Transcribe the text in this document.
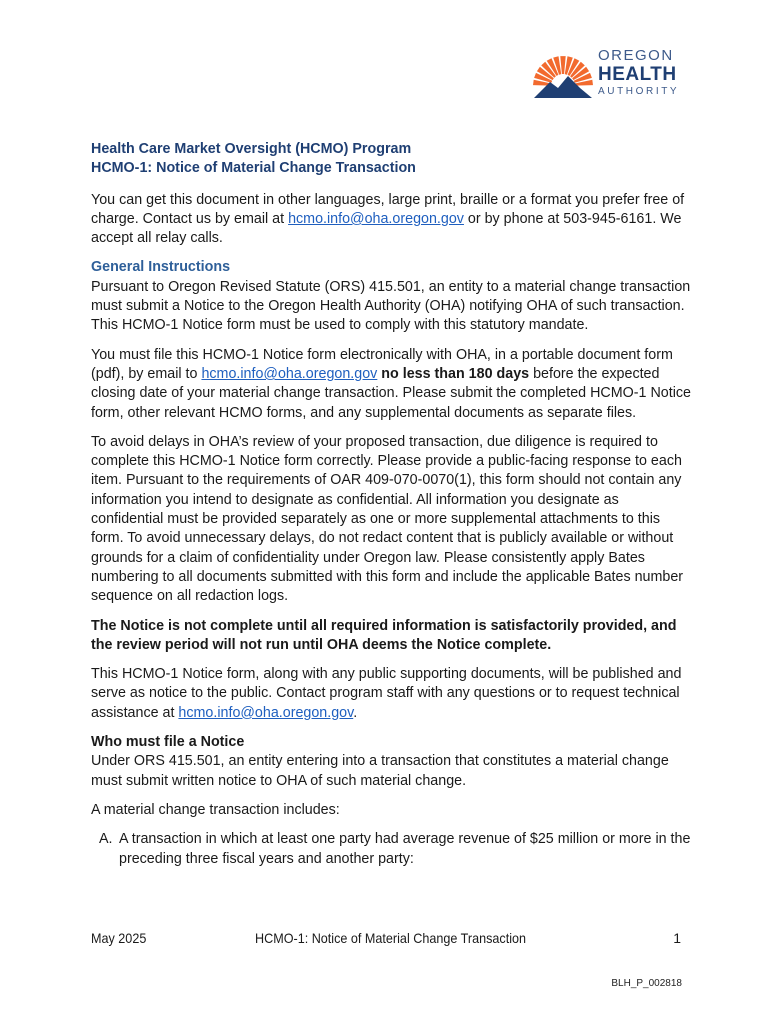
OREGON
HEALTH
AUTHORITY
Health Care Market Oversight (HCMO) Program
HCMO-1: Notice of Material Change Transaction

You can get this document in other languages, large print, braille or a format you prefer free of charge. Contact us by email at hcmo.info@oha.oregon.gov or by phone at 503-945-6161. We accept all relay calls.

General Instructions

Pursuant to Oregon Revised Statute (ORS) 415.501, an entity to a material change transaction must submit a Notice to the Oregon Health Authority (OHA) notifying OHA of such transaction. This HCMO-1 Notice form must be used to comply with this statutory mandate.

You must file this HCMO-1 Notice form electronically with OHA, in a portable document form (pdf), by email to hcmo.info@oha.oregon.gov no less than 180 days before the expected closing date of your material change transaction. Please submit the completed HCMO-1 Notice form, other relevant HCMO forms, and any supplemental documents as separate files.

To avoid delays in OHA’s review of your proposed transaction, due diligence is required to complete this HCMO-1 Notice form correctly. Please provide a public-facing response to each item. Pursuant to the requirements of OAR 409-070-0070(1), this form should not contain any information you intend to designate as confidential. All information you designate as confidential must be provided separately as one or more supplemental attachments to this form. To avoid unnecessary delays, do not redact content that is publicly available or without grounds for a claim of confidentiality under Oregon law. Please consistently apply Bates numbering to all documents submitted with this form and include the applicable Bates number sequence on all redaction logs.

The Notice is not complete until all required information is satisfactorily provided, and the review period will not run until OHA deems the Notice complete.

This HCMO-1 Notice form, along with any public supporting documents, will be published and serve as notice to the public. Contact program staff with any questions or to request technical assistance at hcmo.info@oha.oregon.gov.

Who must file a Notice

Under ORS 415.501, an entity entering into a transaction that constitutes a material change must submit written notice to OHA of such material change.

A material change transaction includes:

A. A transaction in which at least one party had average revenue of $25 million or more in the preceding three fiscal years and another party:
May 2025	HCMO-1: Notice of Material Change Transaction	1
BLH_P_002818
